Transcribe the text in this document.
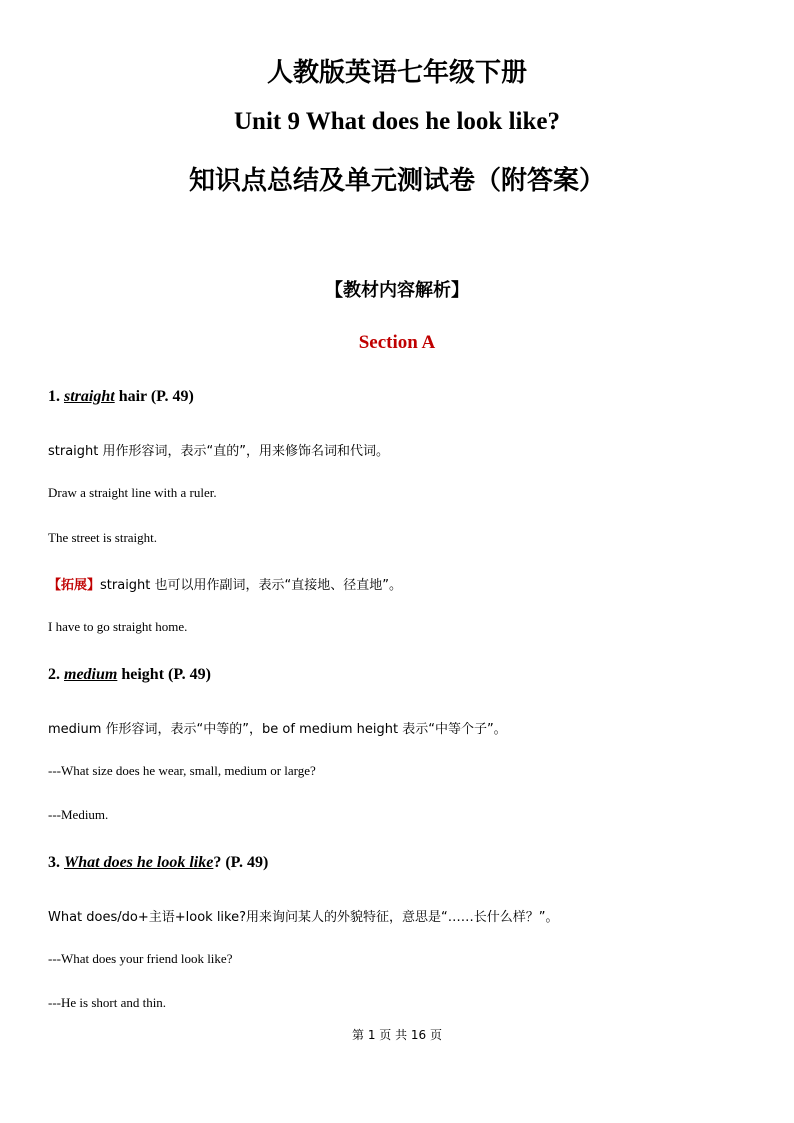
人教版英语七年级下册
Unit 9 What does he look like?
知识点总结及单元测试卷（附答案）
【教材内容解析】
Section A
1. straight hair (P. 49)
straight 用作形容词，表示“直的”，用来修饰名词和代词。
Draw a straight line with a ruler.
The street is straight.
【拓展】straight 也可以用作副词，表示“直接地、径直地”。
I have to go straight home.
2. medium height (P. 49)
medium 作形容词，表示“中等的”，be of medium height 表示“中等个子”。
---What size does he wear, small, medium or large?
---Medium.
3. What does he look like? (P. 49)
What does/do+主语+look like?用来询问某人的外貌特征，意思是“……长什么样？”。
---What does your friend look like?
---He is short and thin.
第 1 页 共 16 页
